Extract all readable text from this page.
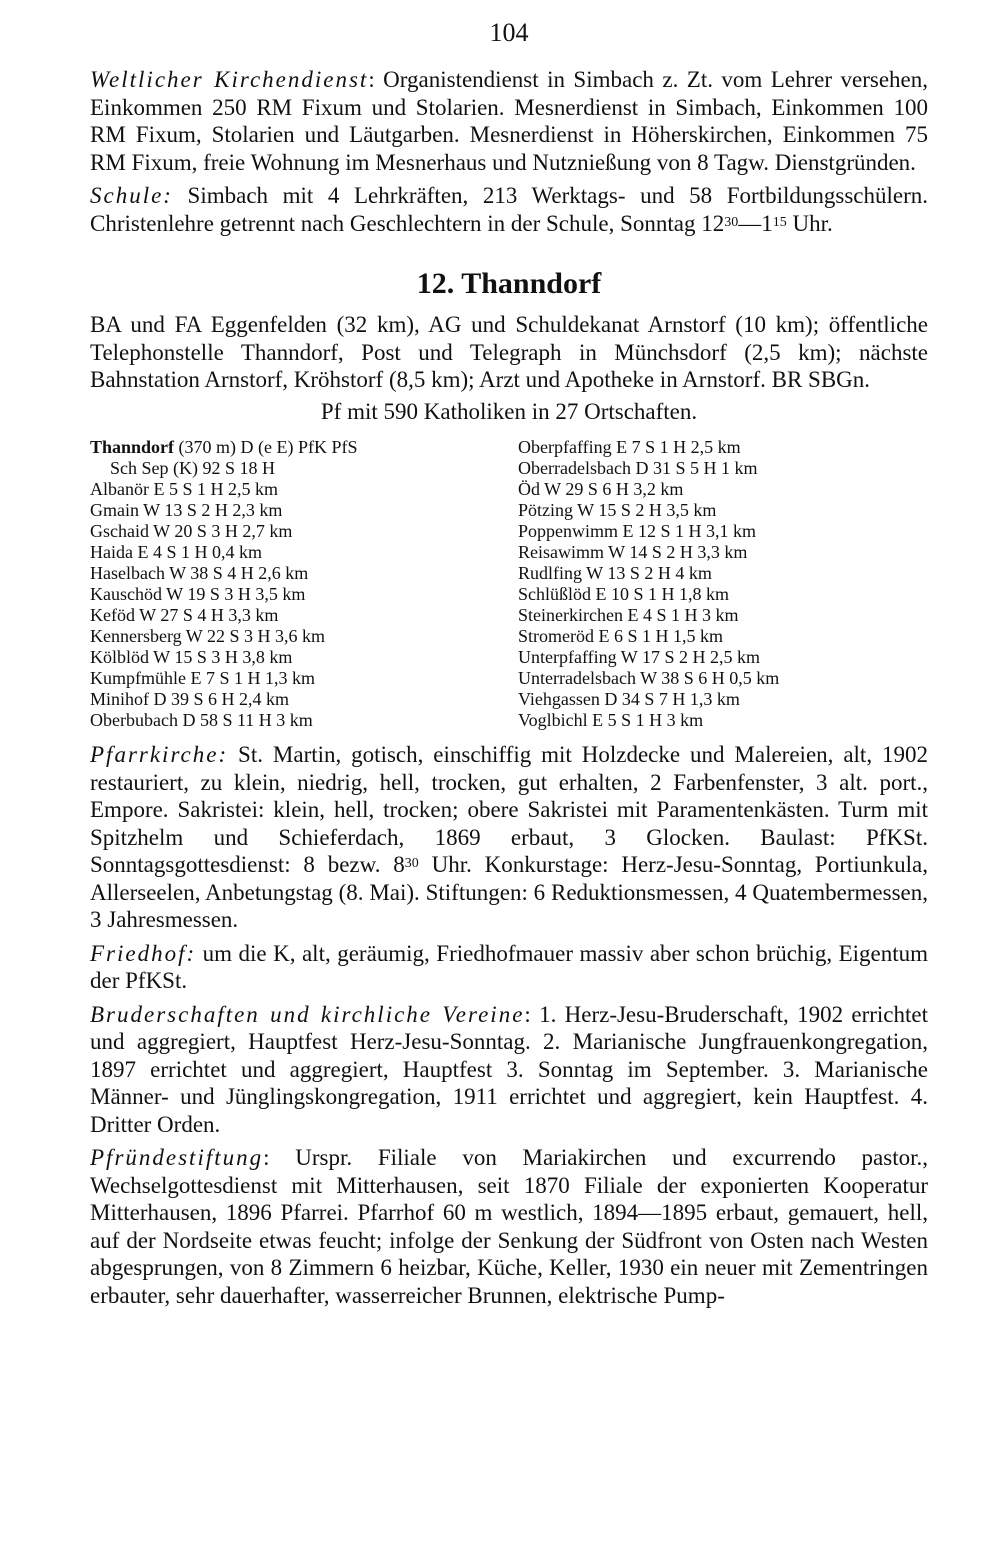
104

Weltlicher Kirchendienst: Organistendienst in Simbach z. Zt. vom Lehrer versehen, Einkommen 250 RM Fixum und Stolarien. Mesnerdienst in Simbach, Einkommen 100 RM Fixum, Stolarien und Läutgarben. Mesnerdienst in Höherskirchen, Einkommen 75 RM Fixum, freie Wohnung im Mesnerhaus und Nutznießung von 8 Tagw. Dienstgründen.

Schule: Simbach mit 4 Lehrkräften, 213 Werktags- und 58 Fortbildungsschülern. Christenlehre getrennt nach Geschlechtern in der Schule, Sonntag $12^{30}—1^{15}$ Uhr.

12. Thanndorf

BA und FA Eggenfelden (32 km), AG und Schuldekanat Arnstorf (10 km); öffentliche Telephonstelle Thanndorf, Post und Telegraph in Münchsdorf (2,5 km); nächste Bahnstation Arnstorf, Kröhstorf (8,5 km); Arzt und Apotheke in Arnstorf. BR SBGn.

Pf mit 590 Katholiken in 27 Ortschaften.

Thanndorf (370 m) D (e E) PfK PfS
Sch Sep (K) 92 S 18 H
Albanör E 5 S 1 H 2,5 km
Gmain W 13 S 2 H 2,3 km
Gschaid W 20 S 3 H 2,7 km
Haida E 4 S 1 H 0,4 km
Haselbach W 38 S 4 H 2,6 km
Kauschöd W 19 S 3 H 3,5 km
Keföd W 27 S 4 H 3,3 km
Kennersberg W 22 S 3 H 3,6 km
Kölblöd W 15 S 3 H 3,8 km
Kumpfmühle E 7 S 1 H 1,3 km
Minihof D 39 S 6 H 2,4 km
Oberbubach D 58 S 11 H 3 km
Oberpfaffing E 7 S 1 H 2,5 km
Oberradelsbach D 31 S 5 H 1 km
Öd W 29 S 6 H 3,2 km
Pötzing W 15 S 2 H 3,5 km
Poppenwimm E 12 S 1 H 3,1 km
Reisawimm W 14 S 2 H 3,3 km
Rudlfing W 13 S 2 H 4 km
Schlüßlöd E 10 S 1 H 1,8 km
Steinerkirchen E 4 S 1 H 3 km
Stromeröd E 6 S 1 H 1,5 km
Unterpfaffing W 17 S 2 H 2,5 km
Unterradelsbach W 38 S 6 H 0,5 km
Viehgassen D 34 S 7 H 1,3 km
Voglbichl E 5 S 1 H 3 km

Pfarrkirche: St. Martin, gotisch, einschiffig mit Holzdecke und Malereien, alt, 1902 restauriert, zu klein, niedrig, hell, trocken, gut erhalten, 2 Farbenfenster, 3 alt. port., Empore. Sakristei: klein, hell, trocken; obere Sakristei mit Paramentenkästen. Turm mit Spitzhelm und Schieferdach, 1869 erbaut, 3 Glocken. Baulast: PfKSt. Sonntagsgottesdienst: 8 bezw. $8^{30}$ Uhr. Konkurstage: Herz-Jesu-Sonntag, Portiunkula, Allerseelen, Anbetungstag (8. Mai). Stiftungen: 6 Reduktionsmessen, 4 Quatembermessen, 3 Jahresmessen.

Friedhof: um die K, alt, geräumig, Friedhofmauer massiv aber schon brüchig, Eigentum der PfKSt.

Bruderschaften und kirchliche Vereine: 1. Herz-Jesu-Bruderschaft, 1902 errichtet und aggregiert, Hauptfest Herz-Jesu-Sonntag. 2. Marianische Jungfrauenkongregation, 1897 errichtet und aggregiert, Hauptfest 3. Sonntag im September. 3. Marianische Männer- und Jünglingskongregation, 1911 errichtet und aggregiert, kein Hauptfest. 4. Dritter Orden.

Pfründestiftung: Urspr. Filiale von Mariakirchen und excurrendo pastor., Wechselgottesdienst mit Mitterhausen, seit 1870 Filiale der exponierten Kooperatur Mitterhausen, 1896 Pfarrei. Pfarrhof 60 m westlich, 1894—1895 erbaut, gemauert, hell, auf der Nordseite etwas feucht; infolge der Senkung der Südfront von Osten nach Westen abgesprungen, von 8 Zimmern 6 heizbar, Küche, Keller, 1930 ein neuer mit Zementringen erbauter, sehr dauerhafter, wasserreicher Brunnen, elektrische Pump-
